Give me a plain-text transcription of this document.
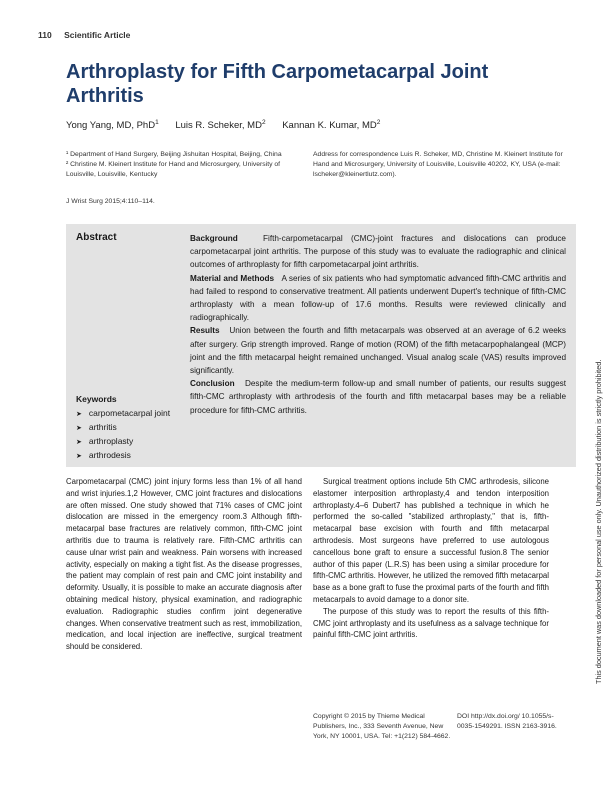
110 Scientific Article
Arthroplasty for Fifth Carpometacarpal Joint Arthritis
Yong Yang, MD, PhD$^1$ Luis R. Scheker, $MD^2$ Kannan K. Kumar, $MD^2$
¹ Department of Hand Surgery, Beijing Jishuitan Hospital, Beijing, China
² Christine M. Kleinert Institute for Hand and Microsurgery, University of Louisville, Louisville, Kentucky
Address for correspondence Luis R. Scheker, MD, Christine M. Kleinert Institute for Hand and Microsurgery, University of Louisville, Louisville 40202, KY, USA (e-mail: lscheker@kleinertlutz.com).
J Wrist Surg 2015;4:110–114.
Abstract
Keywords
➤ carpometacarpal joint
➤ arthritis
➤ arthroplasty
➤ arthrodesis

Background	Fifth-carpometacarpal (CMC)-joint fractures and dislocations can produce carpometacarpal joint arthritis. The purpose of this study was to evaluate the radiographic and clinical outcomes of arthroplasty for fifth carpometacarpal joint arthritis.

Material and Methods A series of six patients who had symptomatic advanced fifth-CMC arthritis and had failed to respond to conservative treatment. All patients underwent Dupert's technique of fifth-CMC arthroplasty with a mean follow-up of 17.6 months. Results were reviewed clinically and radiographically.

Results Union between the fourth and fifth metacarpals was observed at an average of 6.2 weeks after surgery. Grip strength improved. Range of motion (ROM) of the fifth metacarpophalangeal (MCP) joint and the fifth metacarpal height remained unchanged. Visual analog scale (VAS) results improved significantly.

Conclusion Despite the medium-term follow-up and small number of patients, our results suggest fifth-CMC arthroplasty with arthrodesis of the fourth and fifth metacarpal bases may be a reliable procedure for fifth-CMC arthritis.

Carpometacarpal (CMC) joint injury forms less than 1% of all hand and wrist injuries.1,2 However, CMC joint fractures and dislocations are often missed. One study showed that 71% cases of CMC joint dislocation are missed in the emergency room.3 Although fifth-metacarpal base fractures are relatively common, fifth-CMC joint arthritis due to trauma is relatively rare. Fifth-CMC arthritis can cause ulnar wrist pain and weakness. Pain worsens with increased activity, especially on making a tight fist. As the disease progresses, the patient may complain of rest pain and CMC joint instability and deformity. Usually, it is possible to make an accurate diagnosis after obtaining medical history, physical examination, and radiographic evaluation. Radiographic studies confirm joint degenerative changes. When conservative treatment such as rest, immobilization, medication, and local injection are ineffective, surgical treatment should be considered.

Surgical treatment options include 5th CMC arthrodesis, silicone elastomer interposition arthroplasty,4 and tendon interposition arthroplasty.4–6 Dubert7 has published a technique in which he performed the so-called "stabilized arthroplasty," that is, fifth-metacarpal base excision with fourth and fifth metacarpal arthrodesis. Most surgeons have preferred to use autologous cancellous bone graft to ensure a successful fusion.8 The senior author of this paper (L.R.S) has been using a similar procedure for fifth-CMC arthritis. However, he utilized the removed fifth metacarpal base as a bone graft to fuse the proximal parts of the fourth and fifth metacarpals to avoid damage to a donor site.

The purpose of this study was to report the results of this fifth-CMC joint arthroplasty and its usefulness as a salvage technique for painful fifth-CMC joint arthritis.	This document was downloaded for personal use only. Unauthorized distribution is strictly prohibited.
Copyright © 2015 by Thieme Medical Publishers, Inc., 333 Seventh Avenue, New York, NY 10001, USA. Tel: +1(212) 584-4662.
DOI http://dx.doi.org/ 10.1055/s-0035-1549291. ISSN 2163-3916.
